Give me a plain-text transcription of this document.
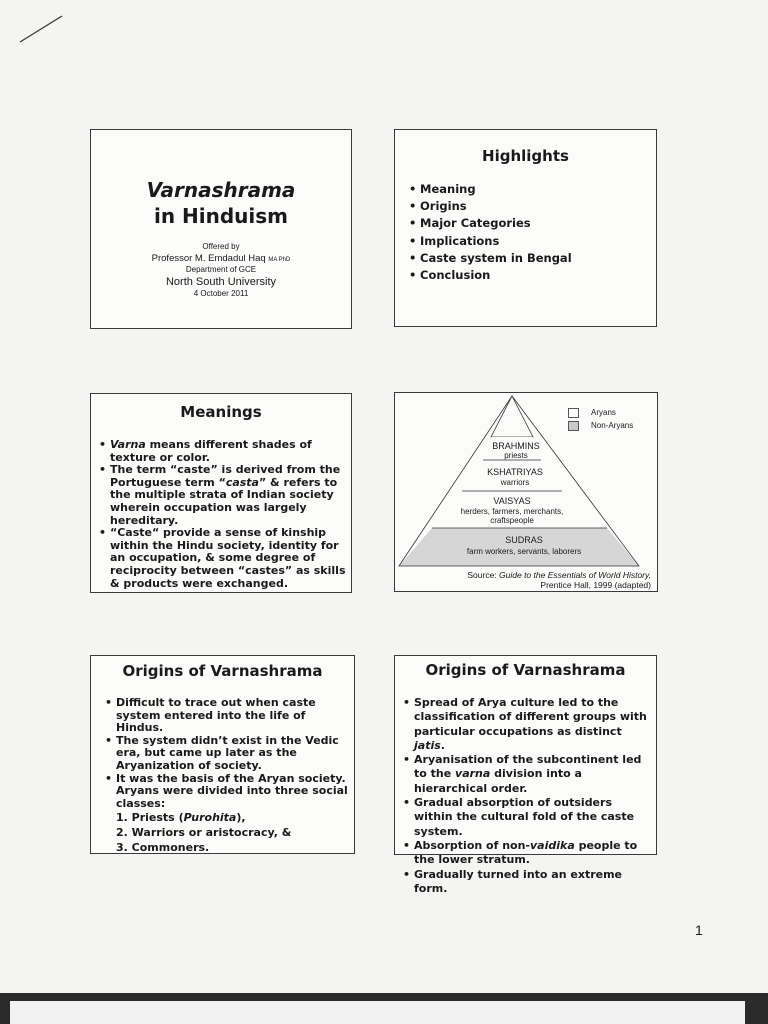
Varnashrama
in Hinduism
Offered by
Professor M. Emdadul Haq MA PhD
Department of GCE
North South University
4 October 2011
Highlights
• Meaning
• Origins
• Major Categories
• Implications
• Caste system in Bengal
• Conclusion
Meanings
• Varna means different shades of texture or color.
• The term “caste” is derived from the Portuguese term “casta” & refers to the multiple strata of Indian society wherein occupation was largely hereditary.
• “Caste“ provide a sense of kinship within the Hindu society, identity for an occupation, & some degree of reciprocity between “castes” as skills & products were exchanged.
BRAHMINS
priests
KSHATRIYAS
warriors
VAISYAS
herders, farmers, merchants,
craftspeople
SUDRAS
farm workers, servants, laborers
Aryans
Non-Aryans
Source: Guide to the Essentials of World History,
Prentice Hall, 1999 (adapted)
Origins of Varnashrama
• Difficult to trace out when caste system entered into the life of Hindus.
• The system didn’t exist in the Vedic era, but came up later as the Aryanization of society.
• It was the basis of the Aryan society. Aryans were divided into three social classes:
1. Priests (Purohita),
2. Warriors or aristocracy, &
3. Commoners.
Origins of Varnashrama
• Spread of Arya culture led to the classification of different groups with particular occupations as distinct jatis.
• Aryanisation of the subcontinent led to the varna division into a hierarchical order.
• Gradual absorption of outsiders within the cultural fold of the caste system.
• Absorption of non-vaidika people to the lower stratum.
• Gradually turned into an extreme form.
1
